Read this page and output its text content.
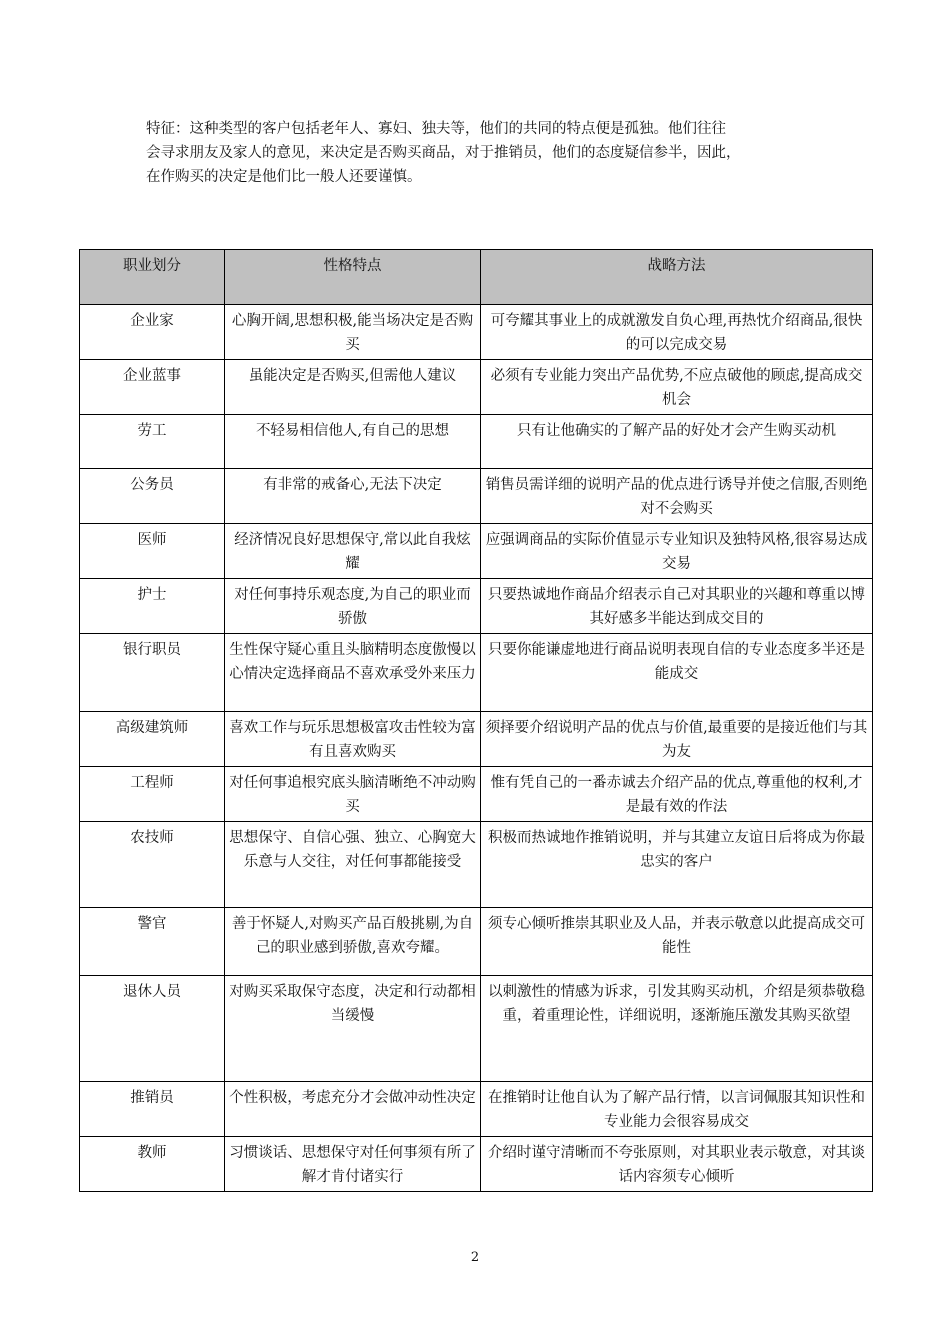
特征：这种类型的客户包括老年人、寡妇、独夫等，他们的共同的特点便是孤独。他们往往
会寻求朋友及家人的意见，来决定是否购买商品，对于推销员，他们的态度疑信参半，因此，
在作购买的决定是他们比一般人还要谨慎。

职业划分	性格特点	战略方法
企业家	心胸开阔,思想积极,能当场决定是否购买	可夸耀其事业上的成就激发自负心理,再热忱介绍商品,很快的可以完成交易
企业蓝事	虽能决定是否购买,但需他人建议	必须有专业能力突出产品优势,不应点破他的顾虑,提高成交机会
劳工	不轻易相信他人,有自己的思想	只有让他确实的了解产品的好处才会产生购买动机
公务员	有非常的戒备心,无法下决定	销售员需详细的说明产品的优点进行诱导并使之信服,否则绝对不会购买
医师	经济情况良好思想保守,常以此自我炫耀	应强调商品的实际价值显示专业知识及独特风格,很容易达成交易
护士	对任何事持乐观态度,为自己的职业而骄傲	只要热诚地作商品介绍表示自己对其职业的兴趣和尊重以博其好感多半能达到成交目的
银行职员	生性保守疑心重且头脑精明态度傲慢以心情决定选择商品不喜欢承受外来压力	只要你能谦虚地进行商品说明表现自信的专业态度多半还是能成交
高级建筑师	喜欢工作与玩乐思想极富攻击性较为富有且喜欢购买	须择要介绍说明产品的优点与价值,最重要的是接近他们与其为友
工程师	对任何事追根究底头脑清晰绝不冲动购买	惟有凭自己的一番赤诚去介绍产品的优点,尊重他的权利,才是最有效的作法
农技师	思想保守、自信心强、独立、心胸宽大乐意与人交往，对任何事都能接受	积极而热诚地作推销说明，并与其建立友谊日后将成为你最忠实的客户
警官	善于怀疑人,对购买产品百般挑剔,为自己的职业感到骄傲,喜欢夸耀。	须专心倾听推崇其职业及人品，并表示敬意以此提高成交可能性
退休人员	对购买采取保守态度，决定和行动都相当缓慢	以刺激性的情感为诉求，引发其购买动机，介绍是须恭敬稳重，着重理论性，详细说明，逐渐施压激发其购买欲望
推销员	个性积极，考虑充分才会做冲动性决定	在推销时让他自认为了解产品行情，以言词佩服其知识性和专业能力会很容易成交
教师	习惯谈话、思想保守对任何事须有所了解才肯付诸实行	介绍时谨守清晰而不夸张原则，对其职业表示敬意，对其谈话内容须专心倾听
2
